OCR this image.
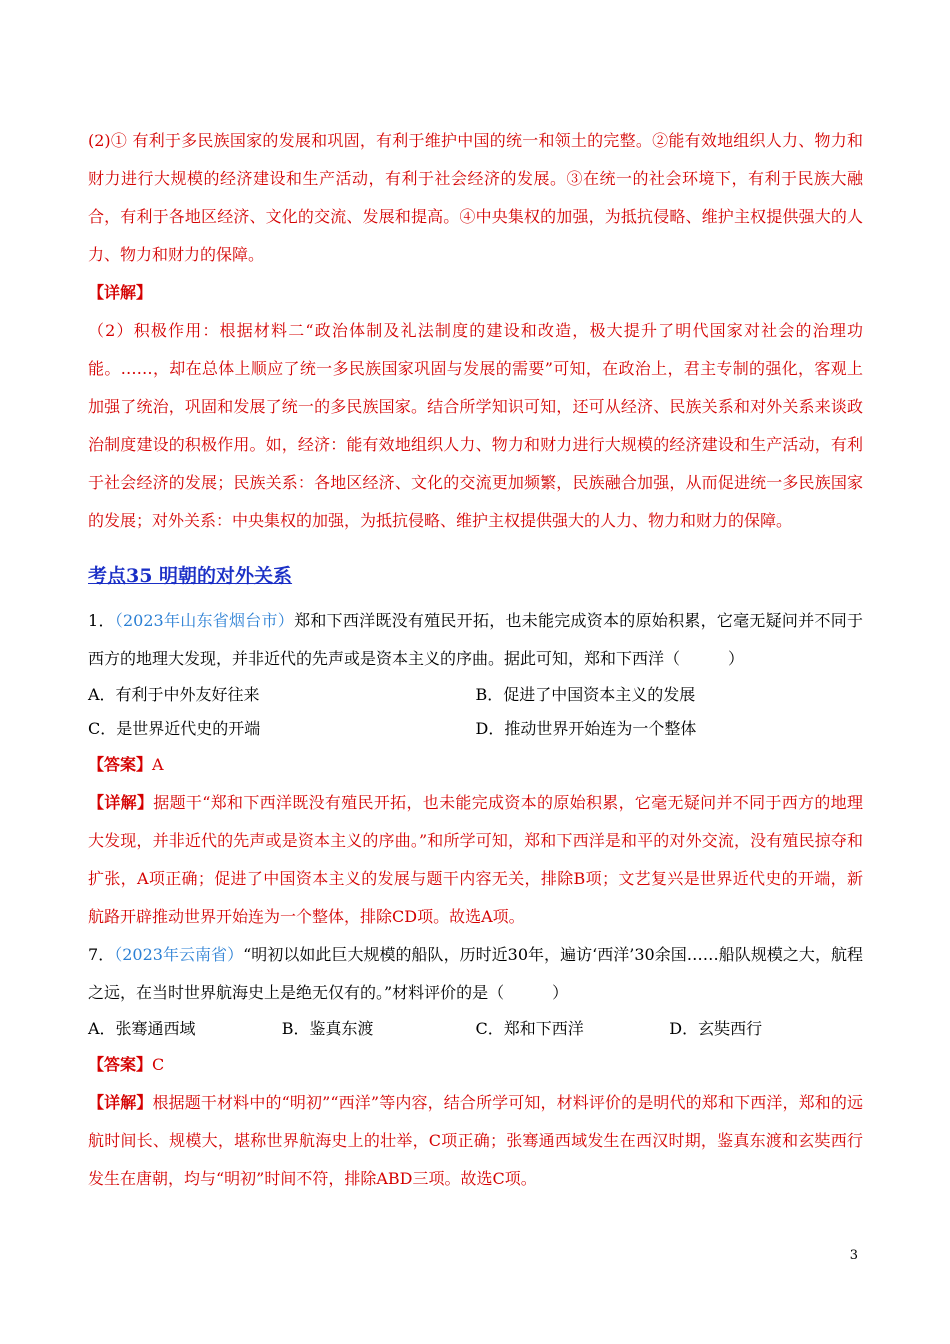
(2)① 有利于多民族国家的发展和巩固，有利于维护中国的统一和领土的完整。②能有效地组织人力、物力和财力进行大规模的经济建设和生产活动，有利于社会经济的发展。③在统一的社会环境下，有利于民族大融合，有利于各地区经济、文化的交流、发展和提高。④中央集权的加强，为抵抗侵略、维护主权提供强大的人力、物力和财力的保障。

【详解】

（2）积极作用：根据材料二“政治体制及礼法制度的建设和改造，极大提升了明代国家对社会的治理功能。……，却在总体上顺应了统一多民族国家巩固与发展的需要”可知，在政治上，君主专制的强化，客观上加强了统治，巩固和发展了统一的多民族国家。结合所学知识可知，还可从经济、民族关系和对外关系来谈政治制度建设的积极作用。如，经济：能有效地组织人力、物力和财力进行大规模的经济建设和生产活动，有利于社会经济的发展；民族关系：各地区经济、文化的交流更加频繁，民族融合加强，从而促进统一多民族国家的发展；对外关系：中央集权的加强，为抵抗侵略、维护主权提供强大的人力、物力和财力的保障。

考点35 明朝的对外关系

1．（2023年山东省烟台市）郑和下西洋既没有殖民开拓，也未能完成资本的原始积累，它毫无疑问并不同于西方的地理大发现，并非近代的先声或是资本主义的序曲。据此可知，郑和下西洋（　　　）

A．有利于中外友好往来	B．促进了中国资本主义的发展
C．是世界近代史的开端	D．推动世界开始连为一个整体

【答案】A

【详解】据题干“郑和下西洋既没有殖民开拓，也未能完成资本的原始积累，它毫无疑问并不同于西方的地理大发现，并非近代的先声或是资本主义的序曲。”和所学可知，郑和下西洋是和平的对外交流，没有殖民掠夺和扩张，A项正确；促进了中国资本主义的发展与题干内容无关，排除B项；文艺复兴是世界近代史的开端，新航路开辟推动世界开始连为一个整体，排除CD项。故选A项。

7．（2023年云南省）“明初以如此巨大规模的船队，历时近30年，遍访‘西洋’30余国……船队规模之大，航程之远，在当时世界航海史上是绝无仅有的。”材料评价的是（　　　）

A．张骞通西域	B．鉴真东渡	C．郑和下西洋	D．玄奘西行

【答案】C

【详解】根据题干材料中的“明初”“西洋”等内容，结合所学可知，材料评价的是明代的郑和下西洋，郑和的远航时间长、规模大，堪称世界航海史上的壮举，C项正确；张骞通西域发生在西汉时期，鉴真东渡和玄奘西行发生在唐朝，均与“明初”时间不符，排除ABD三项。故选C项。

3
